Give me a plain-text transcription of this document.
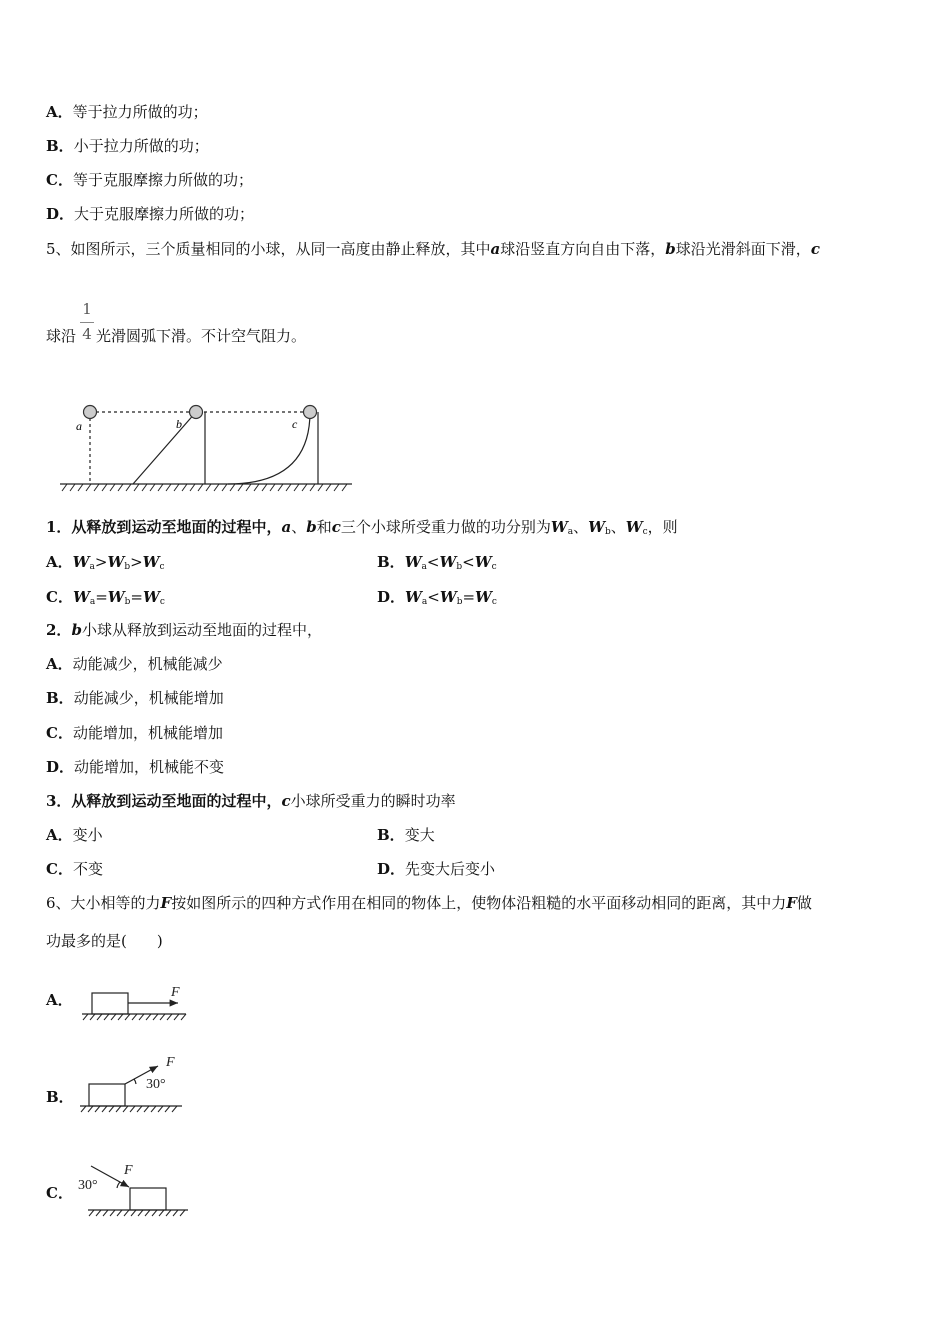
A．等于拉力所做的功；
B．小于拉力所做的功；
C．等于克服摩擦力所做的功；
D．大于克服摩擦力所做的功；
5、如图所示，三个质量相同的小球，从同一高度由静止释放，其中a球沿竖直方向自由下落，b球沿光滑斜面下滑，c
1
4
球沿 光滑圆弧下滑。不计空气阻力。
a	b	c
1．从释放到运动至地面的过程中，a、b和c三个小球所受重力做的功分别为$W_a$、$W_b$、$W_c$，则
A．$W_a>W_b>W_c$	B．$W_a<W_b<W_c$
C．$W_a=W_b=W_c$	D．$W_a<W_b=W_c$
2．b小球从释放到运动至地面的过程中，
A．动能减少，机械能减少
B．动能减少，机械能增加
C．动能增加，机械能增加
D．动能增加，机械能不变
3．从释放到运动至地面的过程中，c小球所受重力的瞬时功率
A．变小	B．变大
C．不变	D．先变大后变小
6、大小相等的力F按如图所示的四种方式作用在相同的物体上，使物体沿粗糙的水平面移动相同的距离，其中力F做
功最多的是(　　)
A．
B．
C．
F
F
30°
F
30°
